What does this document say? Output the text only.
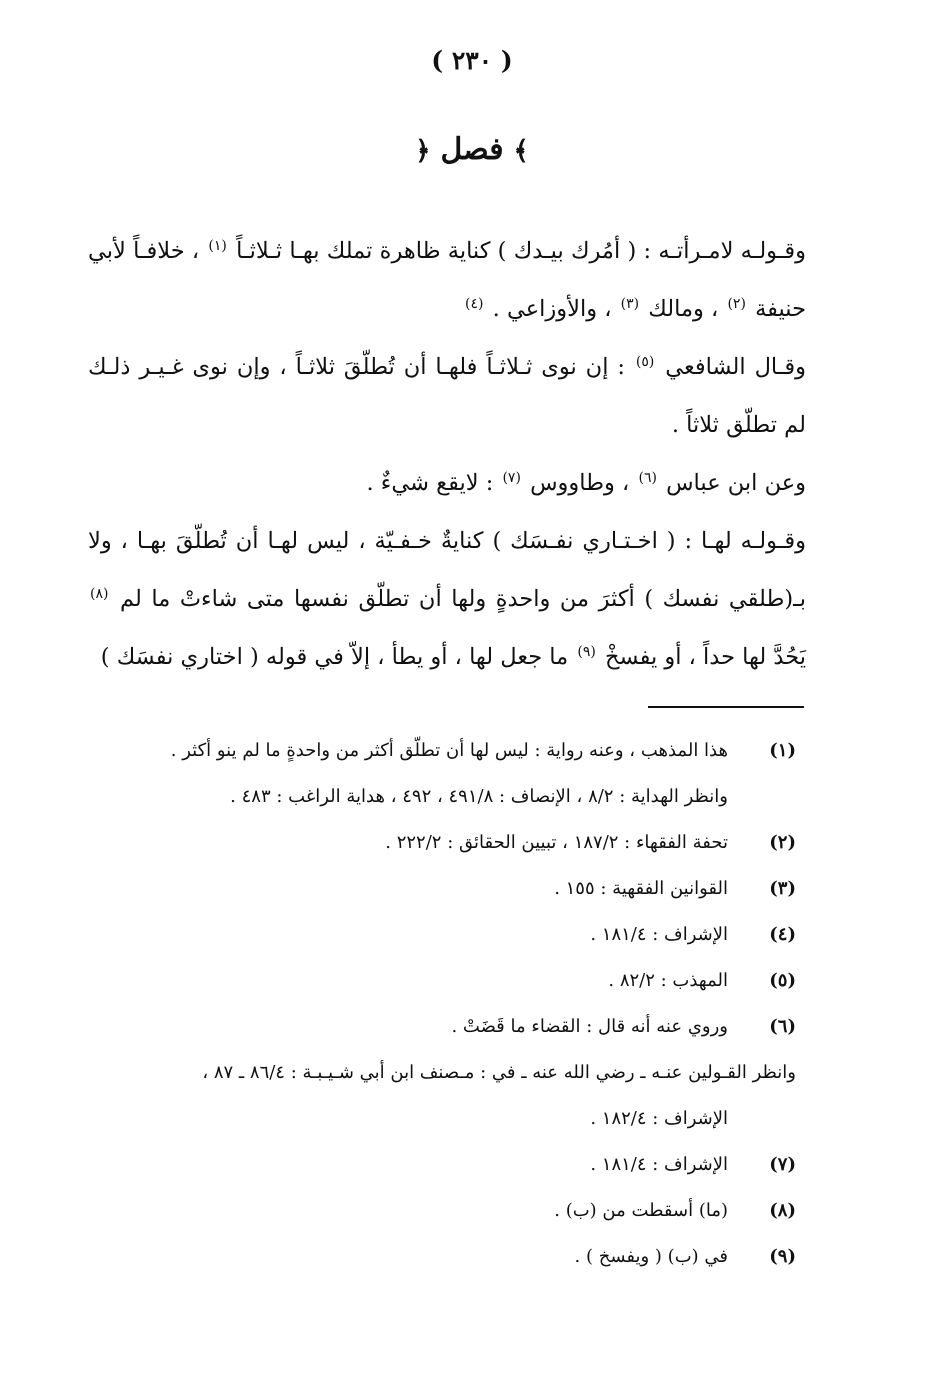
( ٢٣٠ )
﴿ فصل ﴾

وقـولـه لامـرأتـه : ( أمُرك بيـدك ) كناية ظاهرة تملك بهـا ثـلاثـاً $^{(١)}$ ، خلافـاً لأبي حنيفة $^{(٢)}$ ، ومالك $^{(٣)}$ ، والأوزاعي . $^{(٤)}$

وقـال الشافعي $^{(٥)}$ : إن نوى ثـلاثـاً فلهـا أن تُطلّقَ ثلاثـاً ، وإن نوى غـيـر ذلـك لم تطلّق ثلاثاً .

وعن ابن عباس $^{(٦)}$ ، وطاووس $^{(٧)}$ : لايقع شيءٌ .

وقـولـه لهـا : ( اخـتـاري نفـسَك ) كنايةٌ خـفـيّة ، ليس لهـا أن تُطلّقَ بهـا ، ولا بـ(طلقي نفسك ) أكثرَ من واحدةٍ ولها أن تطلّق نفسها متى شاءتْ ما لم $^{(٨)}$ يَحُدَّ لها حداً ، أو يفسخْ $^{(٩)}$ ما جعل لها ، أو يطأ ، إلاّ في قوله ( اختاري نفسَك )

(١)

هذا المذهب ، وعنه رواية : ليس لها أن تطلّق أكثر من واحدةٍ ما لم ينو أكثر .

وانظر الهداية : ٨/٢ ، الإنصاف : ٤٩١/٨ ، ٤٩٢ ، هداية الراغب : ٤٨٣ .

(٢)

تحفة الفقهاء : ١٨٧/٢ ، تبيين الحقائق : ٢٢٢/٢ .

(٣)

القوانين الفقهية : ١٥٥ .

(٤)

الإشراف : ١٨١/٤ .

(٥)

المهذب : ٨٢/٢ .

(٦)

وروي عنه أنه قال : القضاء ما قَضَتْ .

وانظر القـولين عنـه ـ رضي الله عنه ـ في : مـصنف ابن أبي شـيـبـة : ٨٦/٤ ـ ٨٧ ،

الإشراف : ١٨٢/٤ .

(٧)

الإشراف : ١٨١/٤ .

(٨)

(ما) أسقطت من (ب) .

(٩)

في (ب) ( ويفسخ ) .
